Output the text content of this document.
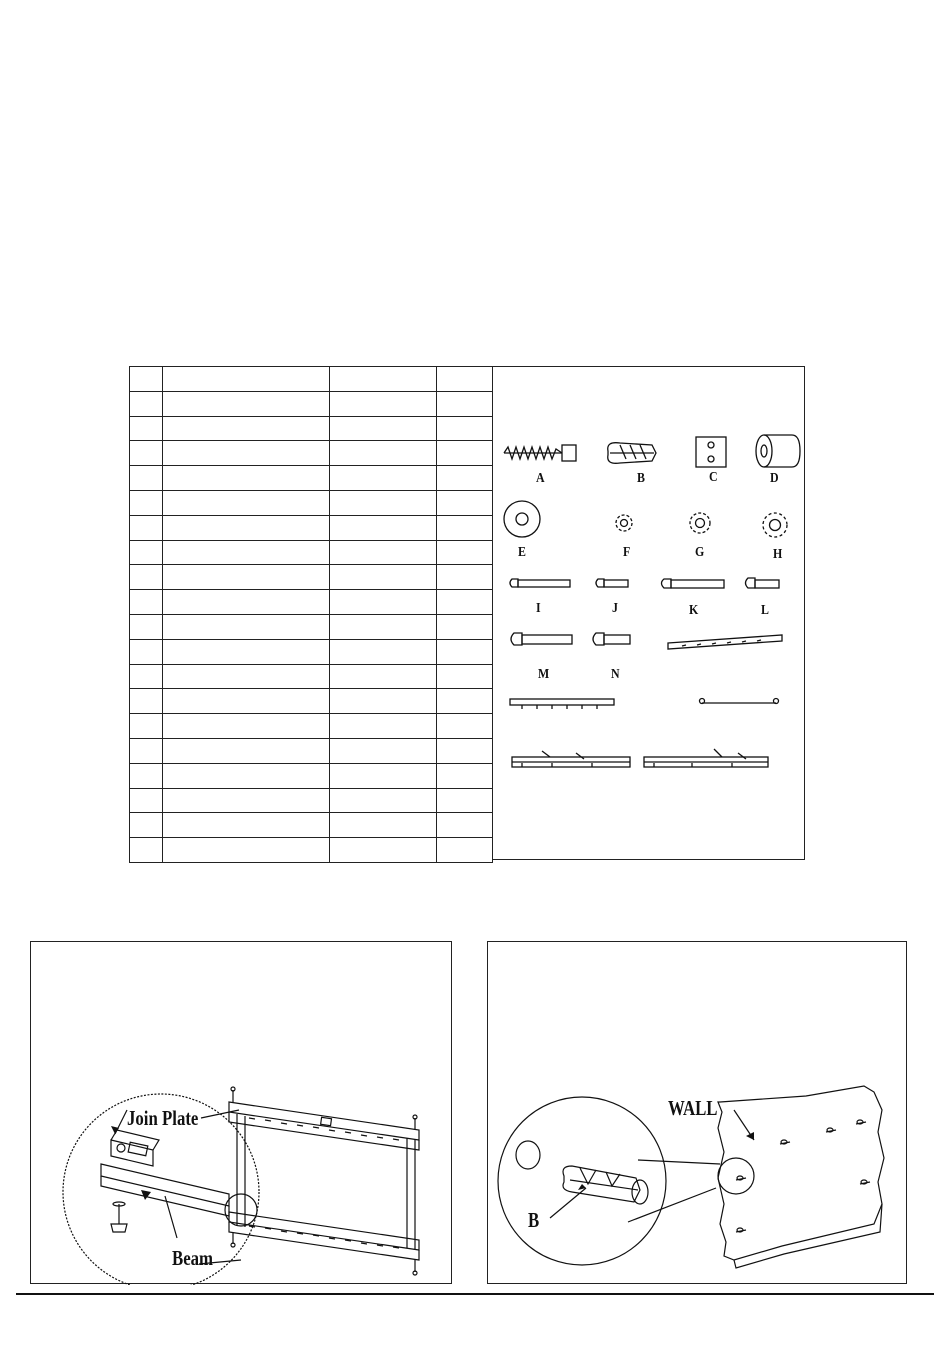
A	B	C	D
E	F	G	H
I	J	K	L
M	N
Join Plate
Beam
WALL
B
